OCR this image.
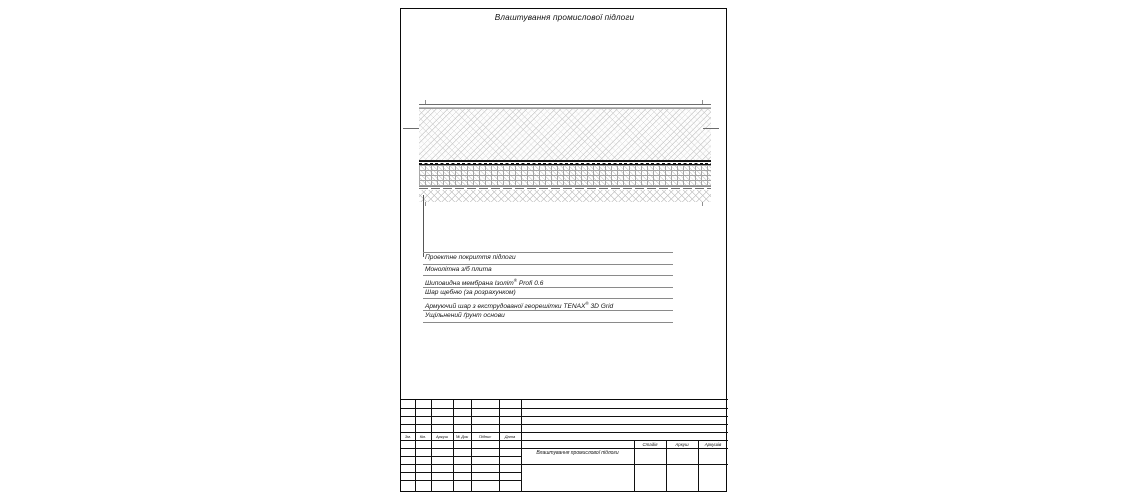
Влаштування промислової підлоги
Проектне покриття підлоги
Монолітна з/б плита
Шиповидна мембрана Ізоліт® Profi 0.6
Шар щебню (за розрахунком)
Армуючий шар з екструдованої георешітки TENAX® 3D Grid
Ущільнений ґрунт основи
Зм.	Кіл.	Аркуш	№ Док	Підпис	Дата
Влаштування промислової підлоги
Стадія	Аркуш	Аркушів
